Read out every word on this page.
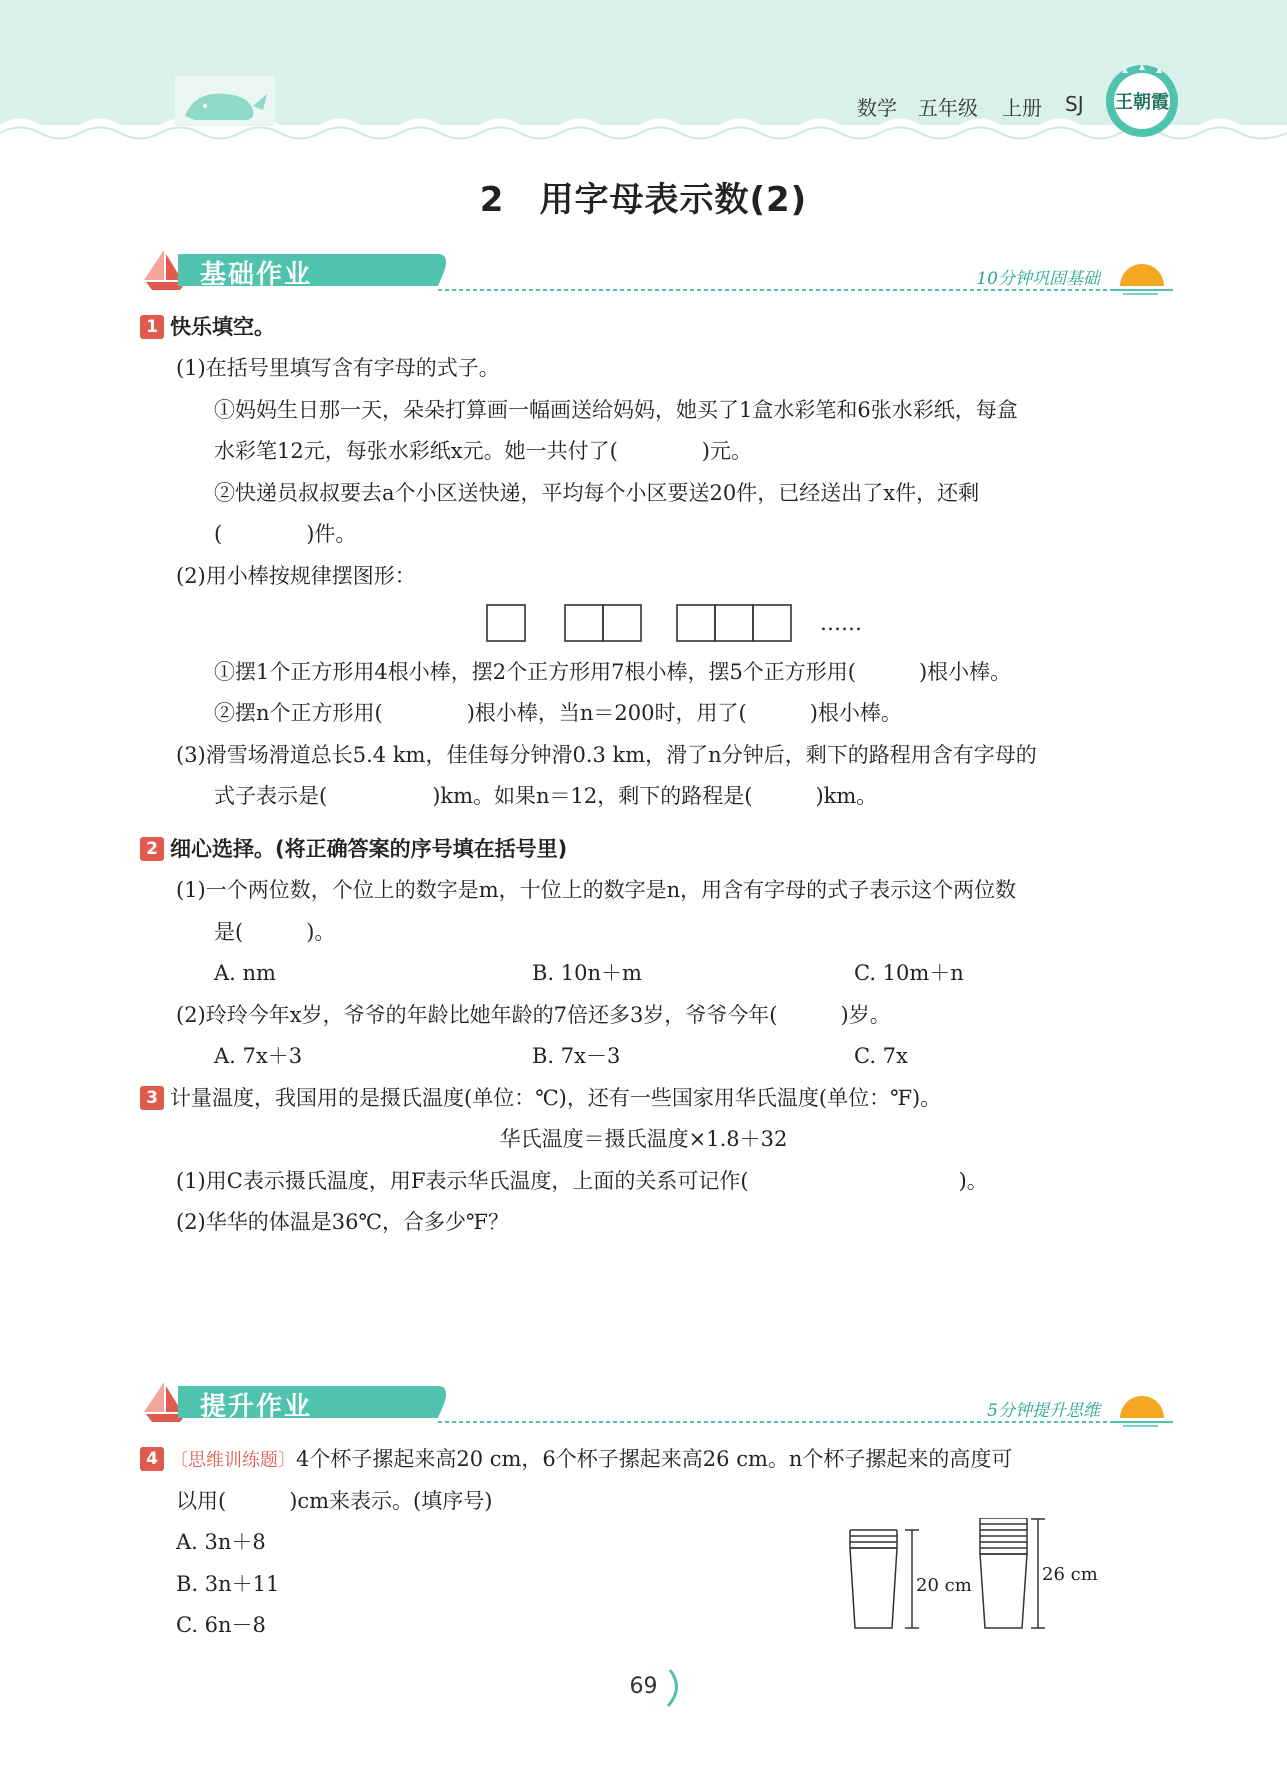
数学 五年级 上册 SJ	王朝霞
2　用字母表示数(2)
基础作业	10分钟巩固基础
1 快乐填空。
(1)在括号里填写含有字母的式子。
①妈妈生日那一天，朵朵打算画一幅画送给妈妈，她买了1盒水彩笔和6张水彩纸，每盒
水彩笔12元，每张水彩纸x元。她一共付了(　　　　)元。
②快递员叔叔要去a个小区送快递，平均每个小区要送20件，已经送出了x件，还剩
(　　　　)件。
(2)用小棒按规律摆图形：
……
①摆1个正方形用4根小棒，摆2个正方形用7根小棒，摆5个正方形用(　　　)根小棒。
②摆n个正方形用(　　　　)根小棒，当n＝200时，用了(　　　)根小棒。
(3)滑雪场滑道总长5.4 km，佳佳每分钟滑0.3 km，滑了n分钟后，剩下的路程用含有字母的
式子表示是(　　　　　)km。如果n＝12，剩下的路程是(　　　)km。
2 细心选择。(将正确答案的序号填在括号里)
(1)一个两位数，个位上的数字是m，十位上的数字是n，用含有字母的式子表示这个两位数
是(　　　)。
A. nm	B. 10n＋m	C. 10m＋n
(2)玲玲今年x岁，爷爷的年龄比她年龄的7倍还多3岁，爷爷今年(　　　)岁。
A. 7x＋3	B. 7x－3	C. 7x
3 计量温度，我国用的是摄氏温度(单位：℃)，还有一些国家用华氏温度(单位：℉)。
华氏温度＝摄氏温度×1.8＋32
(1)用C表示摄氏温度，用F表示华氏温度，上面的关系可记作(　　　　　　　　　　)。
(2)华华的体温是36℃，合多少℉？
提升作业	5分钟提升思维
4 〔思维训练题〕4个杯子摞起来高20 cm，6个杯子摞起来高26 cm。n个杯子摞起来的高度可
以用(　　　)cm来表示。(填序号)
A. 3n＋8
B. 3n＋11
C. 6n－8
20 cm
26 cm
69
